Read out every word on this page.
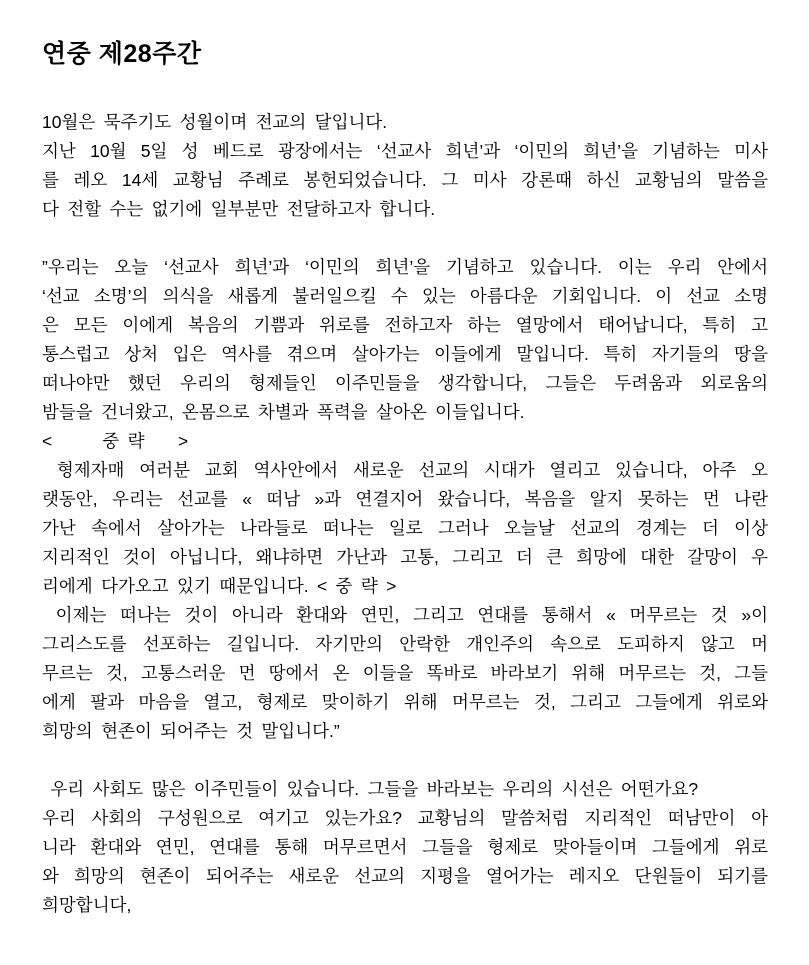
연중 제28주간
10월은 묵주기도 성월이며 전교의 달입니다.
지난 10월 5일 성 베드로 광장에서는 ‘선교사 희년’과 ‘이민의 희년’을 기념하는 미사
를 레오 14세 교황님 주례로 봉헌되었습니다. 그 미사 강론때 하신 교황님의 말씀을
다 전할 수는 없기에 일부분만 전달하고자 합니다.
”우리는 오늘 ‘선교사 희년’과 ‘이민의 희년’을 기념하고 있습니다. 이는 우리 안에서
‘선교 소명’의 의식을 새롭게 불러일으킬 수 있는 아름다운 기회입니다. 이 선교 소명
은 모든 이에게 복음의 기쁨과 위로를 전하고자 하는 열망에서 태어납니다, 특히 고
통스럽고 상처 입은 역사를 겪으며 살아가는 이들에게 말입니다. 특히 자기들의 땅을
떠나야만 했던 우리의 형제들인 이주민들을 생각합니다, 그들은 두려움과 외로움의
밤들을 건너왔고, 온몸으로 차별과 폭력을 살아온 이들입니다.
<      중 략    >
형제자매 여러분 교회 역사안에서 새로운 선교의 시대가 열리고 있습니다, 아주 오
랫동안, 우리는 선교를 « 떠남 »과 연결지어 왔습니다, 복음을 알지 못하는 먼 나란
가난 속에서 살아가는 나라들로 떠나는 일로 그러나 오늘날 선교의 경계는 더 이상
지리적인 것이 아닙니다, 왜냐하면 가난과 고통, 그리고 더 큰 희망에 대한 갈망이 우
리에게 다가오고 있기 때문입니다. < 중 략 >
이제는 떠나는 것이 아니라 환대와 연민, 그리고 연대를 통해서 « 머무르는 것 »이
그리스도를 선포하는 길입니다. 자기만의 안락한 개인주의 속으로 도피하지 않고 머
무르는 것, 고통스러운 먼 땅에서 온 이들을 똑바로 바라보기 위해 머무르는 것, 그들
에게 팔과 마음을 열고, 형제로 맞이하기 위해 머무르는 것, 그리고 그들에게 위로와
희망의 현존이 되어주는 것 말입니다.”
우리 사회도 많은 이주민들이 있습니다. 그들을 바라보는 우리의 시선은 어떤가요?
우리 사회의 구성원으로 여기고 있는가요? 교황님의 말씀처럼 지리적인 떠남만이 아
니라 환대와 연민, 연대를 통해 머무르면서 그들을 형제로 맞아들이며 그들에게 위로
와 희망의 현존이 되어주는 새로운 선교의 지평을 열어가는 레지오 단원들이 되기를
희망합니다,
